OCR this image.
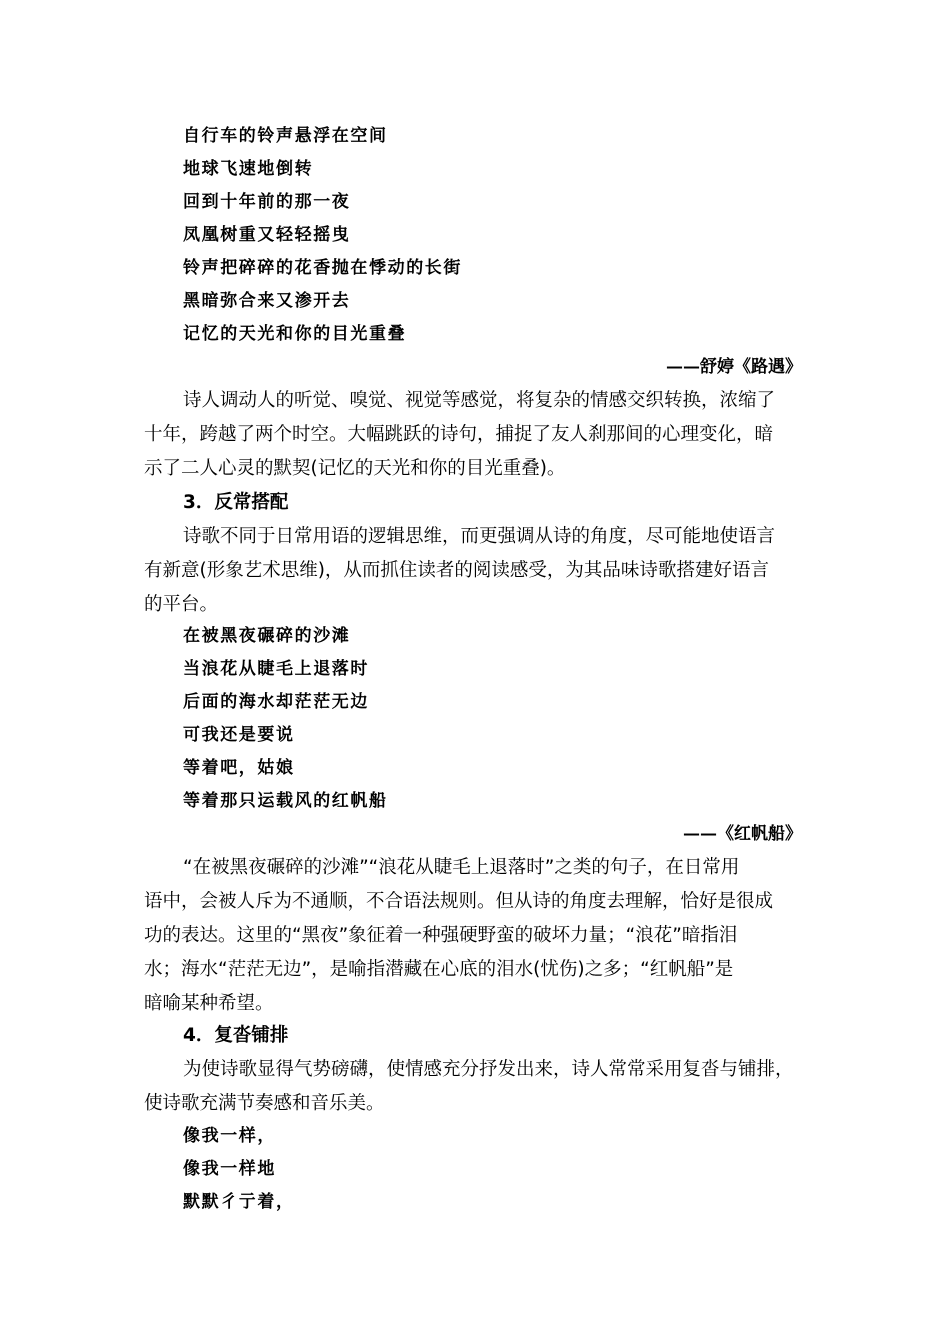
自行车的铃声悬浮在空间
地球飞速地倒转
回到十年前的那一夜
凤凰树重又轻轻摇曳
铃声把碎碎的花香抛在悸动的长街
黑暗弥合来又渗开去
记忆的天光和你的目光重叠
——舒婷《路遇》
诗人调动人的听觉、嗅觉、视觉等感觉，将复杂的情感交织转换，浓缩了
十年，跨越了两个时空。大幅跳跃的诗句，捕捉了友人刹那间的心理变化，暗
示了二人心灵的默契(记忆的天光和你的目光重叠)。
3．反常搭配
诗歌不同于日常用语的逻辑思维，而更强调从诗的角度，尽可能地使语言
有新意(形象艺术思维)，从而抓住读者的阅读感受，为其品味诗歌搭建好语言
的平台。
在被黑夜碾碎的沙滩
当浪花从睫毛上退落时
后面的海水却茫茫无边
可我还是要说
等着吧，姑娘
等着那只运载风的红帆船
——《红帆船》
“在被黑夜碾碎的沙滩”“浪花从睫毛上退落时”之类的句子，在日常用
语中，会被人斥为不通顺，不合语法规则。但从诗的角度去理解，恰好是很成
功的表达。这里的“黑夜”象征着一种强硬野蛮的破坏力量；“浪花”暗指泪
水；海水“茫茫无边”，是喻指潜藏在心底的泪水(忧伤)之多；“红帆船”是
暗喻某种希望。
4．复沓铺排
为使诗歌显得气势磅礴，使情感充分抒发出来，诗人常常采用复沓与铺排，
使诗歌充满节奏感和音乐美。
像我一样，
像我一样地
默默彳亍着，
